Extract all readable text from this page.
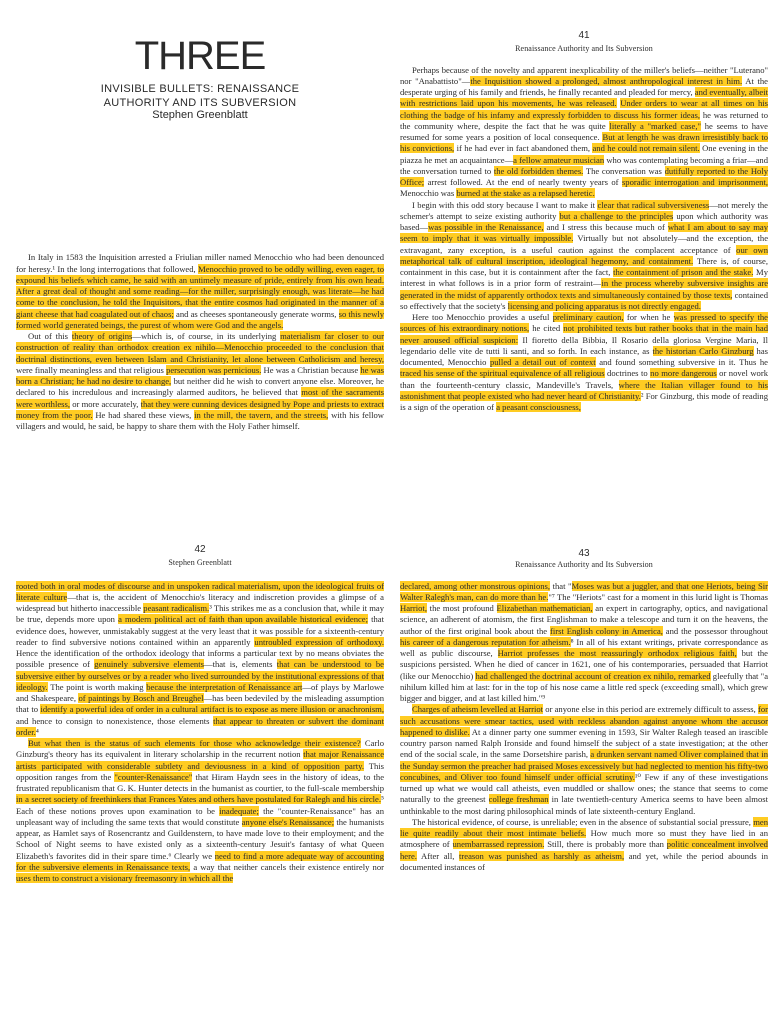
THREE
INVISIBLE BULLETS: RENAISSANCE
AUTHORITY AND ITS SUBVERSION
Stephen Greenblatt

In Italy in 1583 the Inquisition arrested a Friulian miller named Menocchio who had been denounced for heresy.¹ In the long interrogations that followed, Menocchio proved to be oddly willing, even eager, to expound his beliefs which came, he said with an untimely measure of pride, entirely from his own head. After a great deal of thought and some reading—for the miller, surprisingly enough, was literate—he had come to the conclusion, he told the Inquisitors, that the entire cosmos had originated in the manner of a giant cheese that had coagulated out of chaos; and as cheeses spontaneously generate worms, so this newly formed world generated beings, the purest of whom were God and the angels.

Out of this theory of origins—which is, of course, in its underlying materialism far closer to our construction of reality than orthodox creation ex nihilo—Menocchio proceeded to the conclusion that doctrinal distinctions, even between Islam and Christianity, let alone between Catholicism and heresy, were finally meaningless and that religious persecution was pernicious. He was a Christian because he was born a Christian; he had no desire to change, but neither did he wish to convert anyone else. Moreover, he declared to his incredulous and increasingly alarmed auditors, he believed that most of the sacraments were worthless, or more accurately, that they were cunning devices designed by Pope and priests to extract money from the poor. He had shared these views, in the mill, the tavern, and the streets, with his fellow villagers and would, he said, be happy to share them with the Holy Father himself.

41
Renaissance Authority and Its Subversion

Perhaps because of the novelty and apparent inexplicability of the miller's beliefs—neither "Luterano" nor "Anabattisto"—the Inquisition showed a prolonged, almost anthropological interest in him. At the desperate urging of his family and friends, he finally recanted and pleaded for mercy, and eventually, albeit with restrictions laid upon his movements, he was released. Under orders to wear at all times on his clothing the badge of his infamy and expressly forbidden to discuss his former ideas, he was returned to the community where, despite the fact that he was quite literally a "marked case," he seems to have resumed for some years a position of local consequence. But at length he was drawn irresistibly back to his convictions, if he had ever in fact abandoned them, and he could not remain silent. One evening in the piazza he met an acquaintance—a fellow amateur musician who was contemplating becoming a friar—and the conversation turned to the old forbidden themes. The conversation was dutifully reported to the Holy Office; arrest followed. At the end of nearly twenty years of sporadic interrogation and imprisonment, Menocchio was burned at the stake as a relapsed heretic.

I begin with this odd story because I want to make it clear that radical subversiveness—not merely the schemer's attempt to seize existing authority but a challenge to the principles upon which authority was based—was possible in the Renaissance, and I stress this because much of what I am about to say may seem to imply that it was virtually impossible. Virtually but not absolutely—and the exception, the extravagant, zany exception, is a useful caution against the complacent acceptance of our own metaphorical talk of cultural inscription, ideological hegemony, and containment. There is, of course, containment in this case, but it is containment after the fact, the containment of prison and the stake. My interest in what follows is in a prior form of restraint—in the process whereby subversive insights are generated in the midst of apparently orthodox texts and simultaneously contained by those texts, contained so effectively that the society's licensing and policing apparatus is not directly engaged.

Here too Menocchio provides a useful preliminary caution, for when he was pressed to specify the sources of his extraordinary notions, he cited not prohibited texts but rather books that in the main had never aroused official suspicion: Il fioretto della Bibbia, Il Rosario della gloriosa Vergine Maria, Il legendario delle vite de tutti li santi, and so forth. In each instance, as the historian Carlo Ginzburg has documented, Menocchio pulled a detail out of context and found something subversive in it. Thus he traced his sense of the spiritual equivalence of all religious doctrines to no more dangerous or novel work than the fourteenth-century classic, Mandeville's Travels, where the Italian villager found to his astonishment that people existed who had never heard of Christianity.² For Ginzburg, this mode of reading is a sign of the operation of a peasant consciousness,

42
Stephen Greenblatt

rooted both in oral modes of discourse and in unspoken radical materialism, upon the ideological fruits of literate culture—that is, the accident of Menocchio's literacy and indiscretion provides a glimpse of a widespread but hitherto inaccessible peasant radicalism.³ This strikes me as a conclusion that, while it may be true, depends more upon a modern political act of faith than upon available historical evidence; that evidence does, however, unmistakably suggest at the very least that it was possible for a sixteenth-century reader to find subversive notions contained within an apparently untroubled expression of orthodoxy. Hence the identification of the orthodox ideology that informs a particular text by no means obviates the possible presence of genuinely subversive elements—that is, elements that can be understood to be subversive either by ourselves or by a reader who lived surrounded by the institutional expressions of that ideology. The point is worth making because the interpretation of Renaissance art—of plays by Marlowe and Shakespeare, of paintings by Bosch and Breughel—has been bedeviled by the misleading assumption that to identify a powerful idea of order in a cultural artifact is to expose as mere illusion or anachronism, and hence to consign to nonexistence, those elements that appear to threaten or subvert the dominant order.⁴

But what then is the status of such elements for those who acknowledge their existence? Carlo Ginzburg's theory has its equivalent in literary scholarship in the recurrent notion that major Renaissance artists participated with considerable subtlety and deviousness in a kind of opposition party. This opposition ranges from the "counter-Renaissance" that Hiram Haydn sees in the history of ideas, to the frustrated republicanism that G. K. Hunter detects in the humanist as courtier, to the full-scale membership in a secret society of freethinkers that Frances Yates and others have postulated for Ralegh and his circle.⁵ Each of these notions proves upon examination to be inadequate; the "counter-Renaissance" has an unpleasant way of including the same texts that would constitute anyone else's Renaissance; the humanists appear, as Hamlet says of Rosencrantz and Guildenstern, to have made love to their employment; and the School of Night seems to have existed only as a sixteenth-century Jesuit's fantasy of what Queen Elizabeth's favorites did in their spare time.⁶ Clearly we need to find a more adequate way of accounting for the subversive elements in Renaissance texts, a way that neither cancels their existence entirely nor uses them to construct a visionary freemasonry in which all the

43
Renaissance Authority and Its Subversion

declared, among other monstrous opinions, that "Moses was but a juggler, and that one Heriots, being Sir Walter Ralegh's man, can do more than he."⁷ The "Heriots" cast for a moment in this lurid light is Thomas Harriot, the most profound Elizabethan mathematician, an expert in cartography, optics, and navigational science, an adherent of atomism, the first Englishman to make a telescope and turn it on the heavens, the author of the first original book about the first English colony in America, and the possessor throughout his career of a dangerous reputation for atheism.⁸ In all of his extant writings, private correspondance as well as public discourse, Harriot professes the most reassuringly orthodox religious faith, but the suspicions persisted. When he died of cancer in 1621, one of his contemporaries, persuaded that Harriot (like our Menocchio) had challenged the doctrinal account of creation ex nihilo, remarked gleefully that "a nihilum killed him at last: for in the top of his nose came a little red speck (exceeding small), which grew bigger and bigger, and at last killed him."⁹

Charges of atheism levelled at Harriot or anyone else in this period are extremely difficult to assess, for such accusations were smear tactics, used with reckless abandon against anyone whom the accusor happened to dislike. At a dinner party one summer evening in 1593, Sir Walter Ralegh teased an irascible country parson named Ralph Ironside and found himself the subject of a state investigation; at the other end of the social scale, in the same Dorsetshire parish, a drunken servant named Oliver complained that in the Sunday sermon the preacher had praised Moses excessively but had neglected to mention his fifty-two concubines, and Oliver too found himself under official scrutiny.¹⁰ Few if any of these investigations turned up what we would call atheists, even muddled or shallow ones; the stance that seems to come naturally to the greenest college freshman in late twentieth-century America seems to have been almost unthinkable to the most daring philosophical minds of late sixteenth-century England.

The historical evidence, of course, is unreliable; even in the absence of substantial social pressure, men lie quite readily about their most intimate beliefs. How much more so must they have lied in an atmosphere of unembarrassed repression. Still, there is probably more than politic concealment involved here. After all, treason was punished as harshly as atheism, and yet, while the period abounds in documented instances of
